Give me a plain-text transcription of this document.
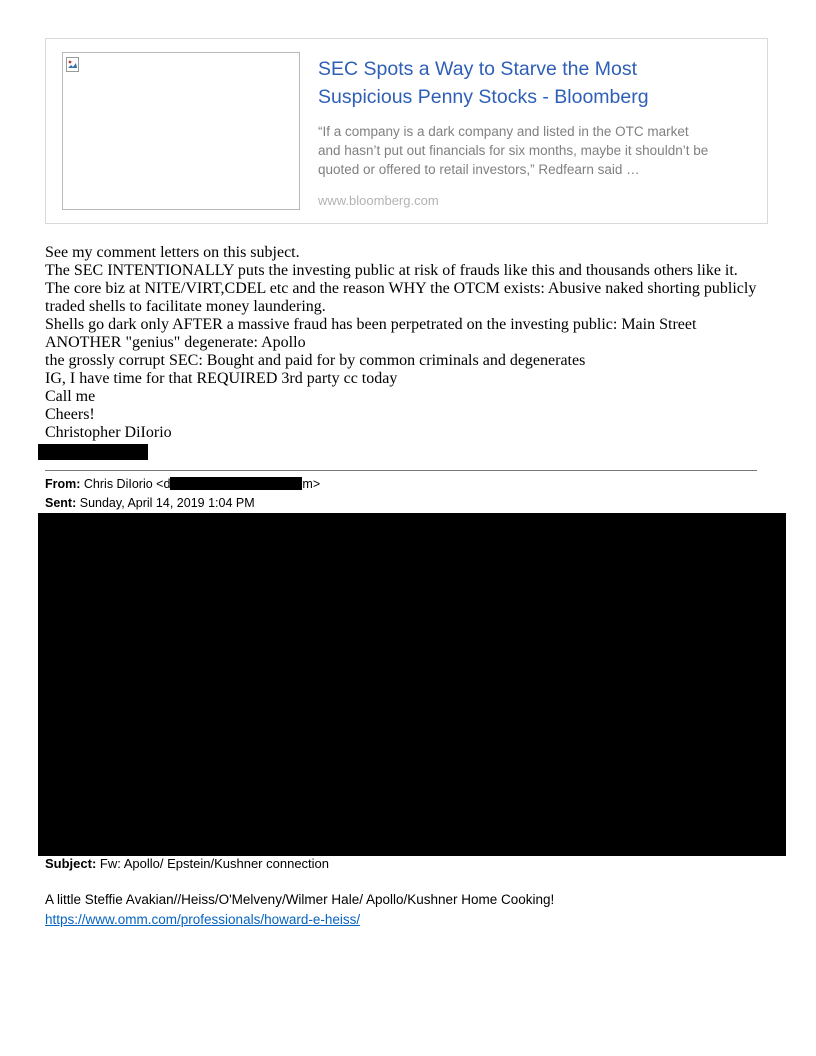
SEC Spots a Way to Starve the Most Suspicious Penny Stocks - Bloomberg
“If a company is a dark company and listed in the OTC market and hasn’t put out financials for six months, maybe it shouldn’t be quoted or offered to retail investors,” Redfearn said …
www.bloomberg.com
See my comment letters on this subject.
The SEC INTENTIONALLY puts the investing public at risk of frauds like this and thousands others like it.
The core biz at NITE/VIRT,CDEL etc and the reason WHY the OTCM exists: Abusive naked shorting publicly traded shells to facilitate money laundering.
Shells go dark only AFTER a massive fraud has been perpetrated on the investing public: Main Street
ANOTHER "genius" degenerate: Apollo
the grossly corrupt SEC: Bought and paid for by common criminals and degenerates
IG, I have time for that REQUIRED 3rd party cc today
Call me
Cheers!
Christopher DiIorio
From: Chris DiIorio <d	m>
Sent: Sunday, April 14, 2019 1:04 PM
Subject: Fw: Apollo/ Epstein/Kushner connection
A little Steffie Avakian//Heiss/O'Melveny/Wilmer Hale/ Apollo/Kushner Home Cooking!
https://www.omm.com/professionals/howard-e-heiss/
